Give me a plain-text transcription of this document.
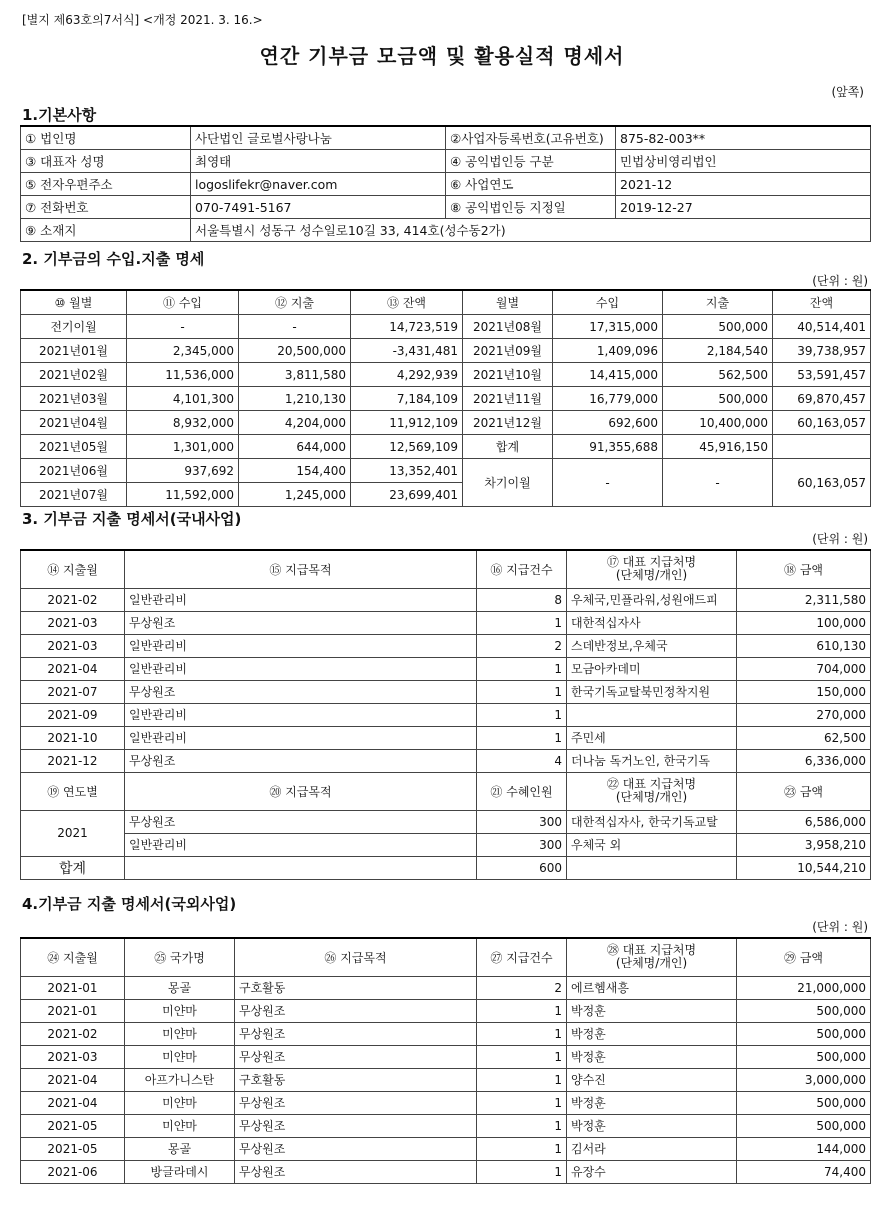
[별지 제63호의7서식] <개정 2021. 3. 16.>
연간 기부금 모금액 및 활용실적 명세서
(앞쪽)
1.기본사항
① 법인명	사단법인 글로벌사랑나눔	②사업자등록번호(고유번호)	875-82-003**
③ 대표자 성명	최영태	④ 공익법인등 구분	민법상비영리법인
⑤ 전자우편주소	logoslifekr@naver.com	⑥ 사업연도	2021-12
⑦ 전화번호	070-7491-5167	⑧ 공익법인등 지정일	2019-12-27
⑨ 소재지	서울특별시 성동구 성수일로10길 33, 414호(성수동2가)		
2. 기부금의 수입.지출 명세
(단위 : 원)
⑩ 월별	⑪ 수입	⑫ 지출	⑬ 잔액	월별	수입	지출	잔액
전기이월	-	-	14,723,519	2021년08월	17,315,000	500,000	40,514,401
2021년01월	2,345,000	20,500,000	-3,431,481	2021년09월	1,409,096	2,184,540	39,738,957
2021년02월	11,536,000	3,811,580	4,292,939	2021년10월	14,415,000	562,500	53,591,457
2021년03월	4,101,300	1,210,130	7,184,109	2021년11월	16,779,000	500,000	69,870,457
2021년04월	8,932,000	4,204,000	11,912,109	2021년12월	692,600	10,400,000	60,163,057
2021년05월	1,301,000	644,000	12,569,109	합계	91,355,688	45,916,150	
2021년06월	937,692	154,400	13,352,401	차기이월	-	-	60,163,057
2021년07월	11,592,000	1,245,000	23,699,401				
3. 기부금 지출 명세서(국내사업)
(단위 : 원)
⑭ 지출월	⑮ 지급목적	⑯ 지급건수	⑰ 대표 지급처명
(단체명/개인)	⑱ 금액
2021-02	일반관리비	8	우체국,민플라워,성원애드피	2,311,580
2021-03	무상원조	1	대한적십자사	100,000
2021-03	일반관리비	2	스데반정보,우체국	610,130
2021-04	일반관리비	1	모금아카데미	704,000
2021-07	무상원조	1	한국기독교탈북민정착지원	150,000
2021-09	일반관리비	1		270,000
2021-10	일반관리비	1	주민세	62,500
2021-12	무상원조	4	더나눔 독거노인, 한국기독	6,336,000
⑲ 연도별	⑳ 지급목적	㉑ 수혜인원	㉒ 대표 지급처명
(단체명/개인)	㉓ 금액
2021	무상원조	300	대한적십자사, 한국기독교탈	6,586,000
	일반관리비	300	우체국 외	3,958,210
합계		600		10,544,210
4.기부금 지출 명세서(국외사업)
(단위 : 원)
㉔ 지출월	㉕ 국가명	㉖ 지급목적	㉗ 지급건수	㉘ 대표 지급처명
(단체명/개인)	㉙ 금액
2021-01	몽골	구호활동	2	에르헴새흥	21,000,000
2021-01	미얀마	무상원조	1	박정훈	500,000
2021-02	미얀마	무상원조	1	박정훈	500,000
2021-03	미얀마	무상원조	1	박정훈	500,000
2021-04	아프가니스탄	구호활동	1	양수진	3,000,000
2021-04	미얀마	무상원조	1	박정훈	500,000
2021-05	미얀마	무상원조	1	박정훈	500,000
2021-05	몽골	무상원조	1	김서라	144,000
2021-06	방글라데시	무상원조	1	유장수	74,400
